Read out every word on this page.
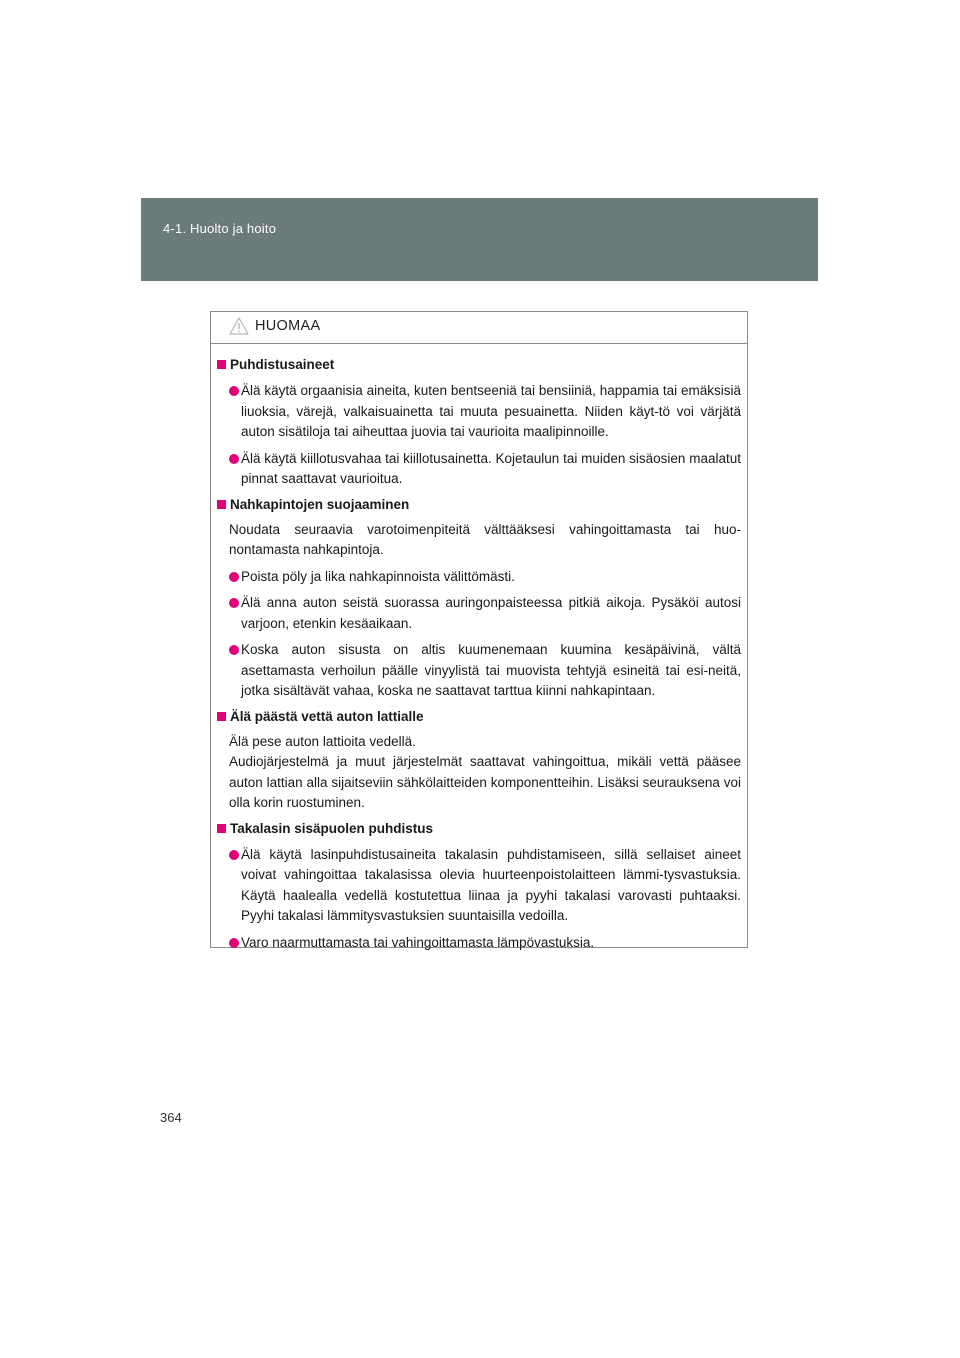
4-1. Huolto ja hoito
HUOMAA
Puhdistusaineet
Älä käytä orgaanisia aineita, kuten bentseeniä tai bensiiniä, happamia tai emäksisiä liuoksia, värejä, valkaisuainetta tai muuta pesuainetta. Niiden käyt-tö voi värjätä auton sisätiloja tai aiheuttaa juovia tai vaurioita maalipinnoille.
Älä käytä kiillotusvahaa tai kiillotusainetta. Kojetaulun tai muiden sisäosien maalatut pinnat saattavat vaurioitua.
Nahkapintojen suojaaminen
Noudata seuraavia varotoimenpiteitä välttääksesi vahingoittamasta tai huo-nontamasta nahkapintoja.
Poista pöly ja lika nahkapinnoista välittömästi.
Älä anna auton seistä suorassa auringonpaisteessa pitkiä aikoja. Pysäköi autosi varjoon, etenkin kesäaikaan.
Koska auton sisusta on altis kuumenemaan kuumina kesäpäivinä, vältä asettamasta verhoilun päälle vinyylistä tai muovista tehtyjä esineitä tai esi-neitä, jotka sisältävät vahaa, koska ne saattavat tarttua kiinni nahkapintaan.
Älä päästä vettä auton lattialle
Älä pese auton lattioita vedellä.
Audiojärjestelmä ja muut järjestelmät saattavat vahingoittua, mikäli vettä pääsee auton lattian alla sijaitseviin sähkölaitteiden komponentteihin. Lisäksi seurauksena voi olla korin ruostuminen.
Takalasin sisäpuolen puhdistus
Älä käytä lasinpuhdistusaineita takalasin puhdistamiseen, sillä sellaiset aineet voivat vahingoittaa takalasissa olevia huurteenpoistolaitteen lämmi-tysvastuksia. Käytä haalealla vedellä kostutettua liinaa ja pyyhi takalasi varovasti puhtaaksi. Pyyhi takalasi lämmitysvastuksien suuntaisilla vedoilla.
Varo naarmuttamasta tai vahingoittamasta lämpövastuksia.
364
